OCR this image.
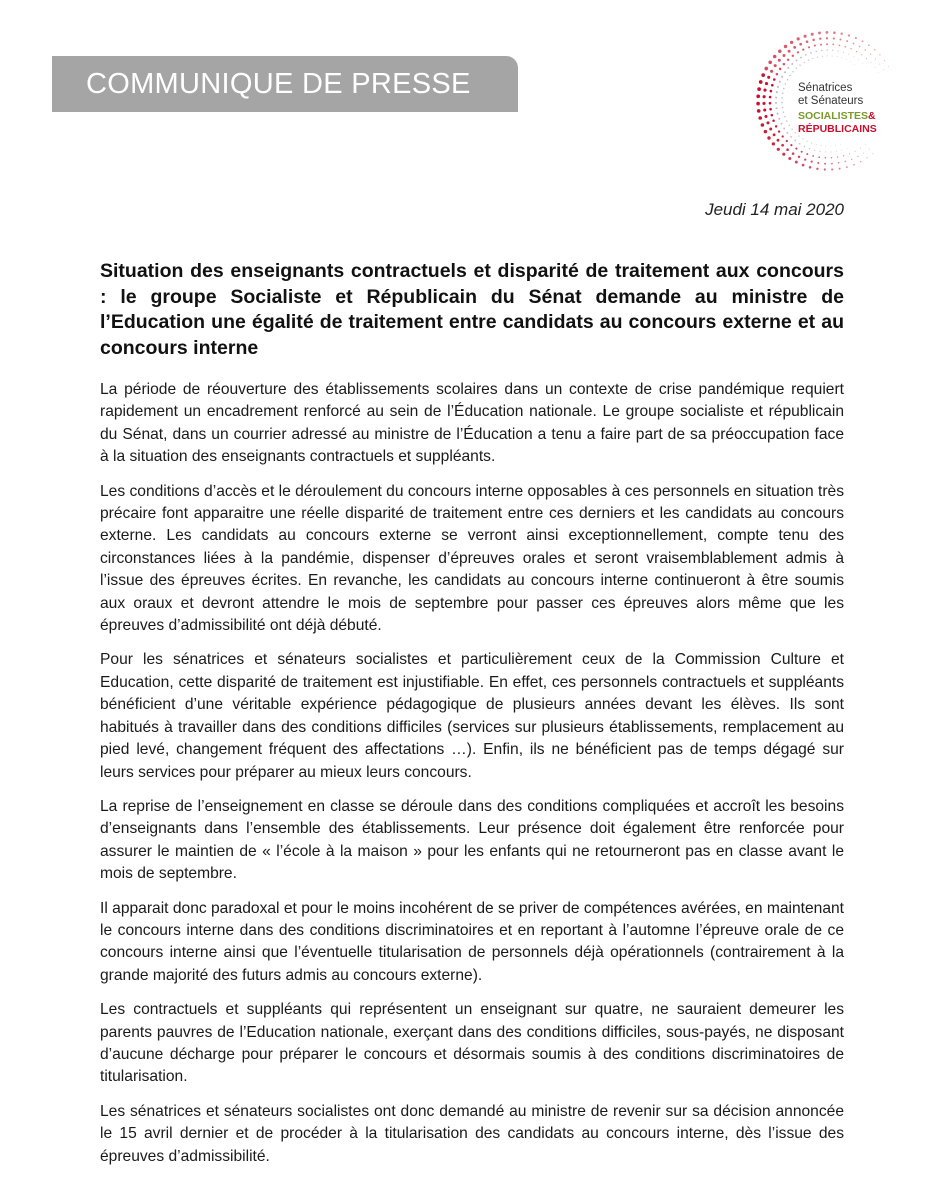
COMMUNIQUE DE PRESSE	Sénatrices
et Sénateurs
SOCIALISTES&
RÉPUBLICAINS
Jeudi 14 mai 2020

Situation des enseignants contractuels et disparité de traitement aux concours : le groupe Socialiste et Républicain du Sénat demande au ministre de l’Education une égalité de traitement entre candidats au concours externe et au concours interne

La période de réouverture des établissements scolaires dans un contexte de crise pandémique requiert rapidement un encadrement renforcé au sein de l’Éducation nationale. Le groupe socialiste et républicain du Sénat, dans un courrier adressé au ministre de l’Éducation a tenu a faire part de sa préoccupation face à la situation des enseignants contractuels et suppléants.

Les conditions d’accès et le déroulement du concours interne opposables à ces personnels en situation très précaire font apparaitre une réelle disparité de traitement entre ces derniers et les candidats au concours externe. Les candidats au concours externe se verront ainsi exceptionnellement, compte tenu des circonstances liées à la pandémie, dispenser d’épreuves orales et seront vraisemblablement admis à l’issue des épreuves écrites. En revanche, les candidats au concours interne continueront à être soumis aux oraux et devront attendre le mois de septembre pour passer ces épreuves alors même que les épreuves d’admissibilité ont déjà débuté.

Pour les sénatrices et sénateurs socialistes et particulièrement ceux de la Commission Culture et Education, cette disparité de traitement est injustifiable. En effet, ces personnels contractuels et suppléants bénéficient d’une véritable expérience pédagogique de plusieurs années devant les élèves. Ils sont habitués à travailler dans des conditions difficiles (services sur plusieurs établissements, remplacement au pied levé, changement fréquent des affectations …). Enfin, ils ne bénéficient pas de temps dégagé sur leurs services pour préparer au mieux leurs concours.

La reprise de l’enseignement en classe se déroule dans des conditions compliquées et accroît les besoins d’enseignants dans l’ensemble des établissements. Leur présence doit également être renforcée pour assurer le maintien de « l’école à la maison » pour les enfants qui ne retourneront pas en classe avant le mois de septembre.

Il apparait donc paradoxal et pour le moins incohérent de se priver de compétences avérées, en maintenant le concours interne dans des conditions discriminatoires et en reportant à l’automne l’épreuve orale de ce concours interne ainsi que l’éventuelle titularisation de personnels déjà opérationnels (contrairement à la grande majorité des futurs admis au concours externe).

Les contractuels et suppléants qui représentent un enseignant sur quatre, ne sauraient demeurer les parents pauvres de l’Education nationale, exerçant dans des conditions difficiles, sous-payés, ne disposant d’aucune décharge pour préparer le concours et désormais soumis à des conditions discriminatoires de titularisation.

Les sénatrices et sénateurs socialistes ont donc demandé au ministre de revenir sur sa décision annoncée le 15 avril dernier et de procéder à la titularisation des candidats au concours interne, dès l’issue des épreuves d’admissibilité.
